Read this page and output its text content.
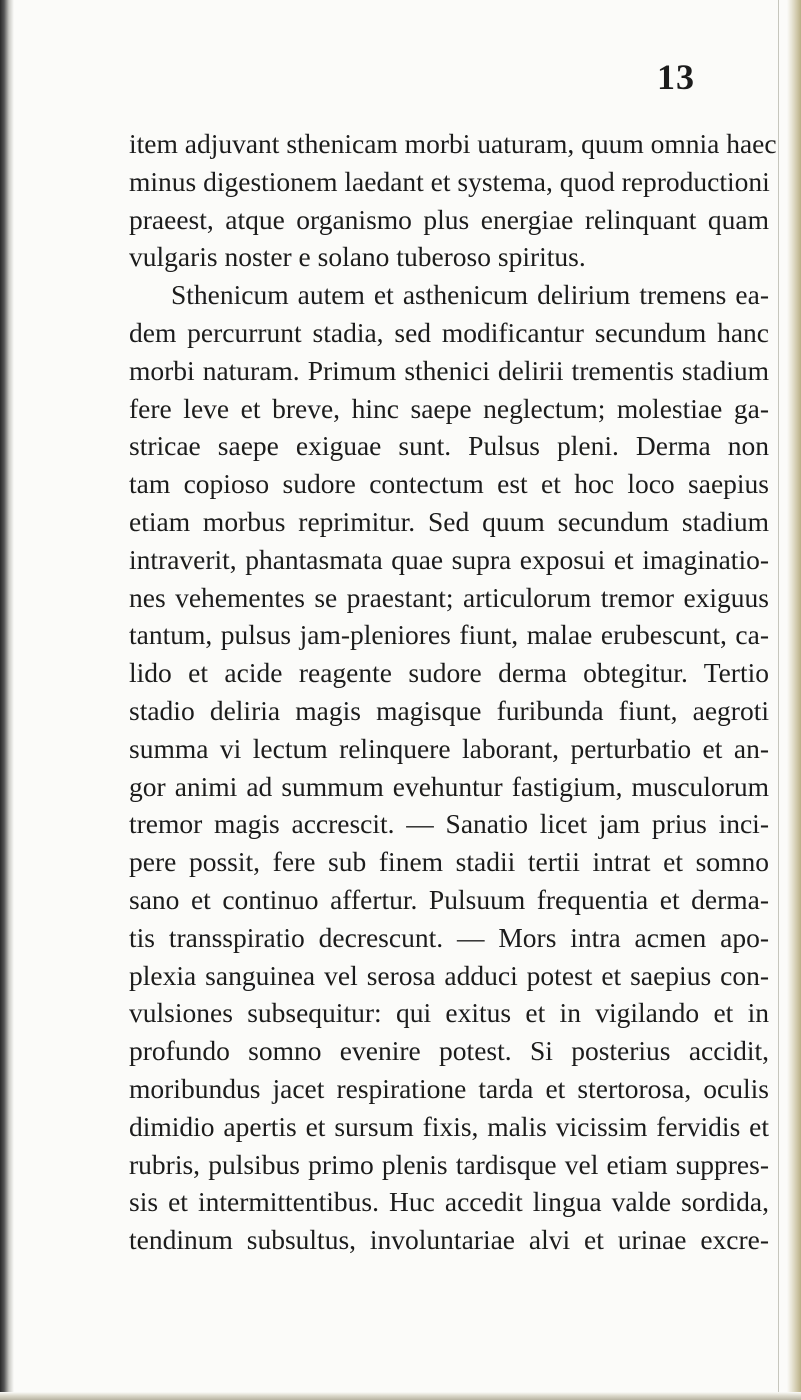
13

item adjuvant sthenicam morbi uaturam, quum omnia haec
minus digestionem laedant et systema, quod reproductioni
praeest, atque organismo plus energiae relinquant quam
vulgaris noster e solano tuberoso spiritus.
Sthenicum autem et asthenicum delirium tremens ea-
dem percurrunt stadia, sed modificantur secundum hanc
morbi naturam. Primum sthenici delirii trementis stadium
fere leve et breve, hinc saepe neglectum; molestiae ga-
stricae saepe exiguae sunt. Pulsus pleni. Derma non
tam copioso sudore contectum est et hoc loco saepius
etiam morbus reprimitur. Sed quum secundum stadium
intraverit, phantasmata quae supra exposui et imaginatio-
nes vehementes se praestant; articulorum tremor exiguus
tantum, pulsus jam-pleniores fiunt, malae erubescunt, ca-
lido et acide reagente sudore derma obtegitur. Tertio
stadio deliria magis magisque furibunda fiunt, aegroti
summa vi lectum relinquere laborant, perturbatio et an-
gor animi ad summum evehuntur fastigium, musculorum
tremor magis accrescit. — Sanatio licet jam prius inci-
pere possit, fere sub finem stadii tertii intrat et somno
sano et continuo affertur. Pulsuum frequentia et derma-
tis transspiratio decrescunt. — Mors intra acmen apo-
plexia sanguinea vel serosa adduci potest et saepius con-
vulsiones subsequitur: qui exitus et in vigilando et in
profundo somno evenire potest. Si posterius accidit,
moribundus jacet respiratione tarda et stertorosa, oculis
dimidio apertis et sursum fixis, malis vicissim fervidis et
rubris, pulsibus primo plenis tardisque vel etiam suppres-
sis et intermittentibus. Huc accedit lingua valde sordida,
tendinum subsultus, involuntariae alvi et urinae excre-
